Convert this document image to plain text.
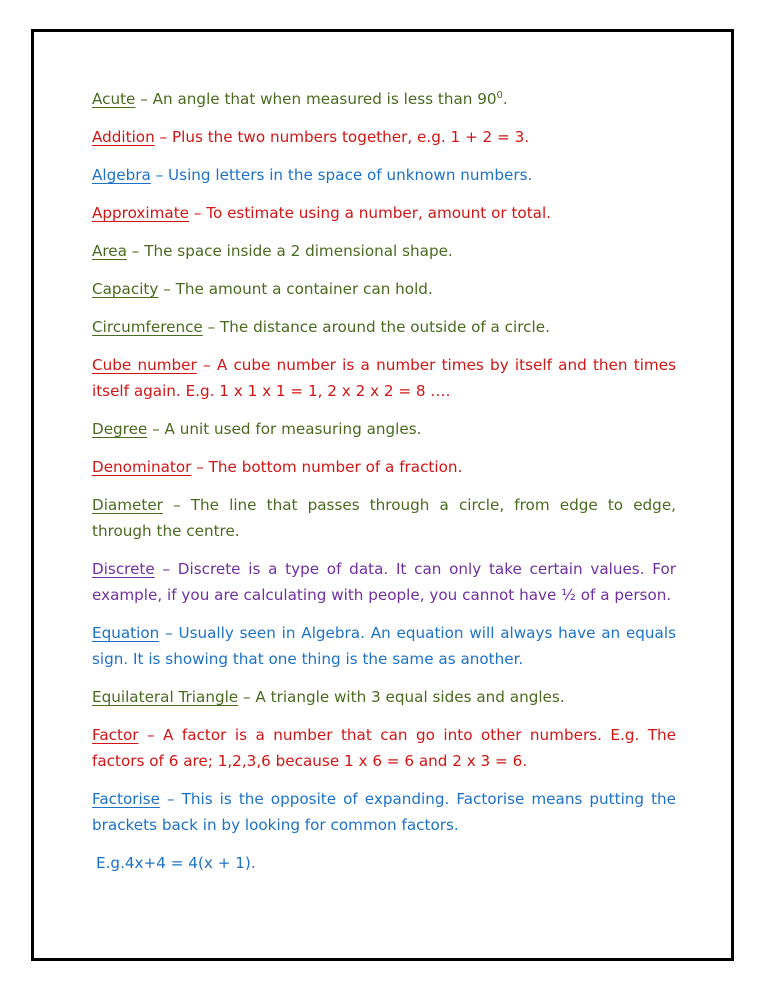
Acute – An angle that when measured is less than $90^0$.

Addition – Plus the two numbers together, e.g. 1 + 2 = 3.

Algebra – Using letters in the space of unknown numbers.

Approximate – To estimate using a number, amount or total.

Area – The space inside a 2 dimensional shape.

Capacity – The amount a container can hold.

Circumference – The distance around the outside of a circle.

Cube number – A cube number is a number times by itself and then times itself again. E.g. 1 x 1 x 1 = 1, 2 x 2 x 2 = 8 ….

Degree – A unit used for measuring angles.

Denominator – The bottom number of a fraction.

Diameter – The line that passes through a circle, from edge to edge, through the centre.

Discrete – Discrete is a type of data. It can only take certain values. For example, if you are calculating with people, you cannot have ½ of a person.

Equation – Usually seen in Algebra. An equation will always have an equals sign. It is showing that one thing is the same as another.

Equilateral Triangle – A triangle with 3 equal sides and angles.

Factor – A factor is a number that can go into other numbers. E.g. The factors of 6 are; 1,2,3,6 because 1 x 6 = 6 and 2 x 3 = 6.

Factorise – This is the opposite of expanding. Factorise means putting the brackets back in by looking for common factors.

E.g.4x+4 = 4(x + 1).
